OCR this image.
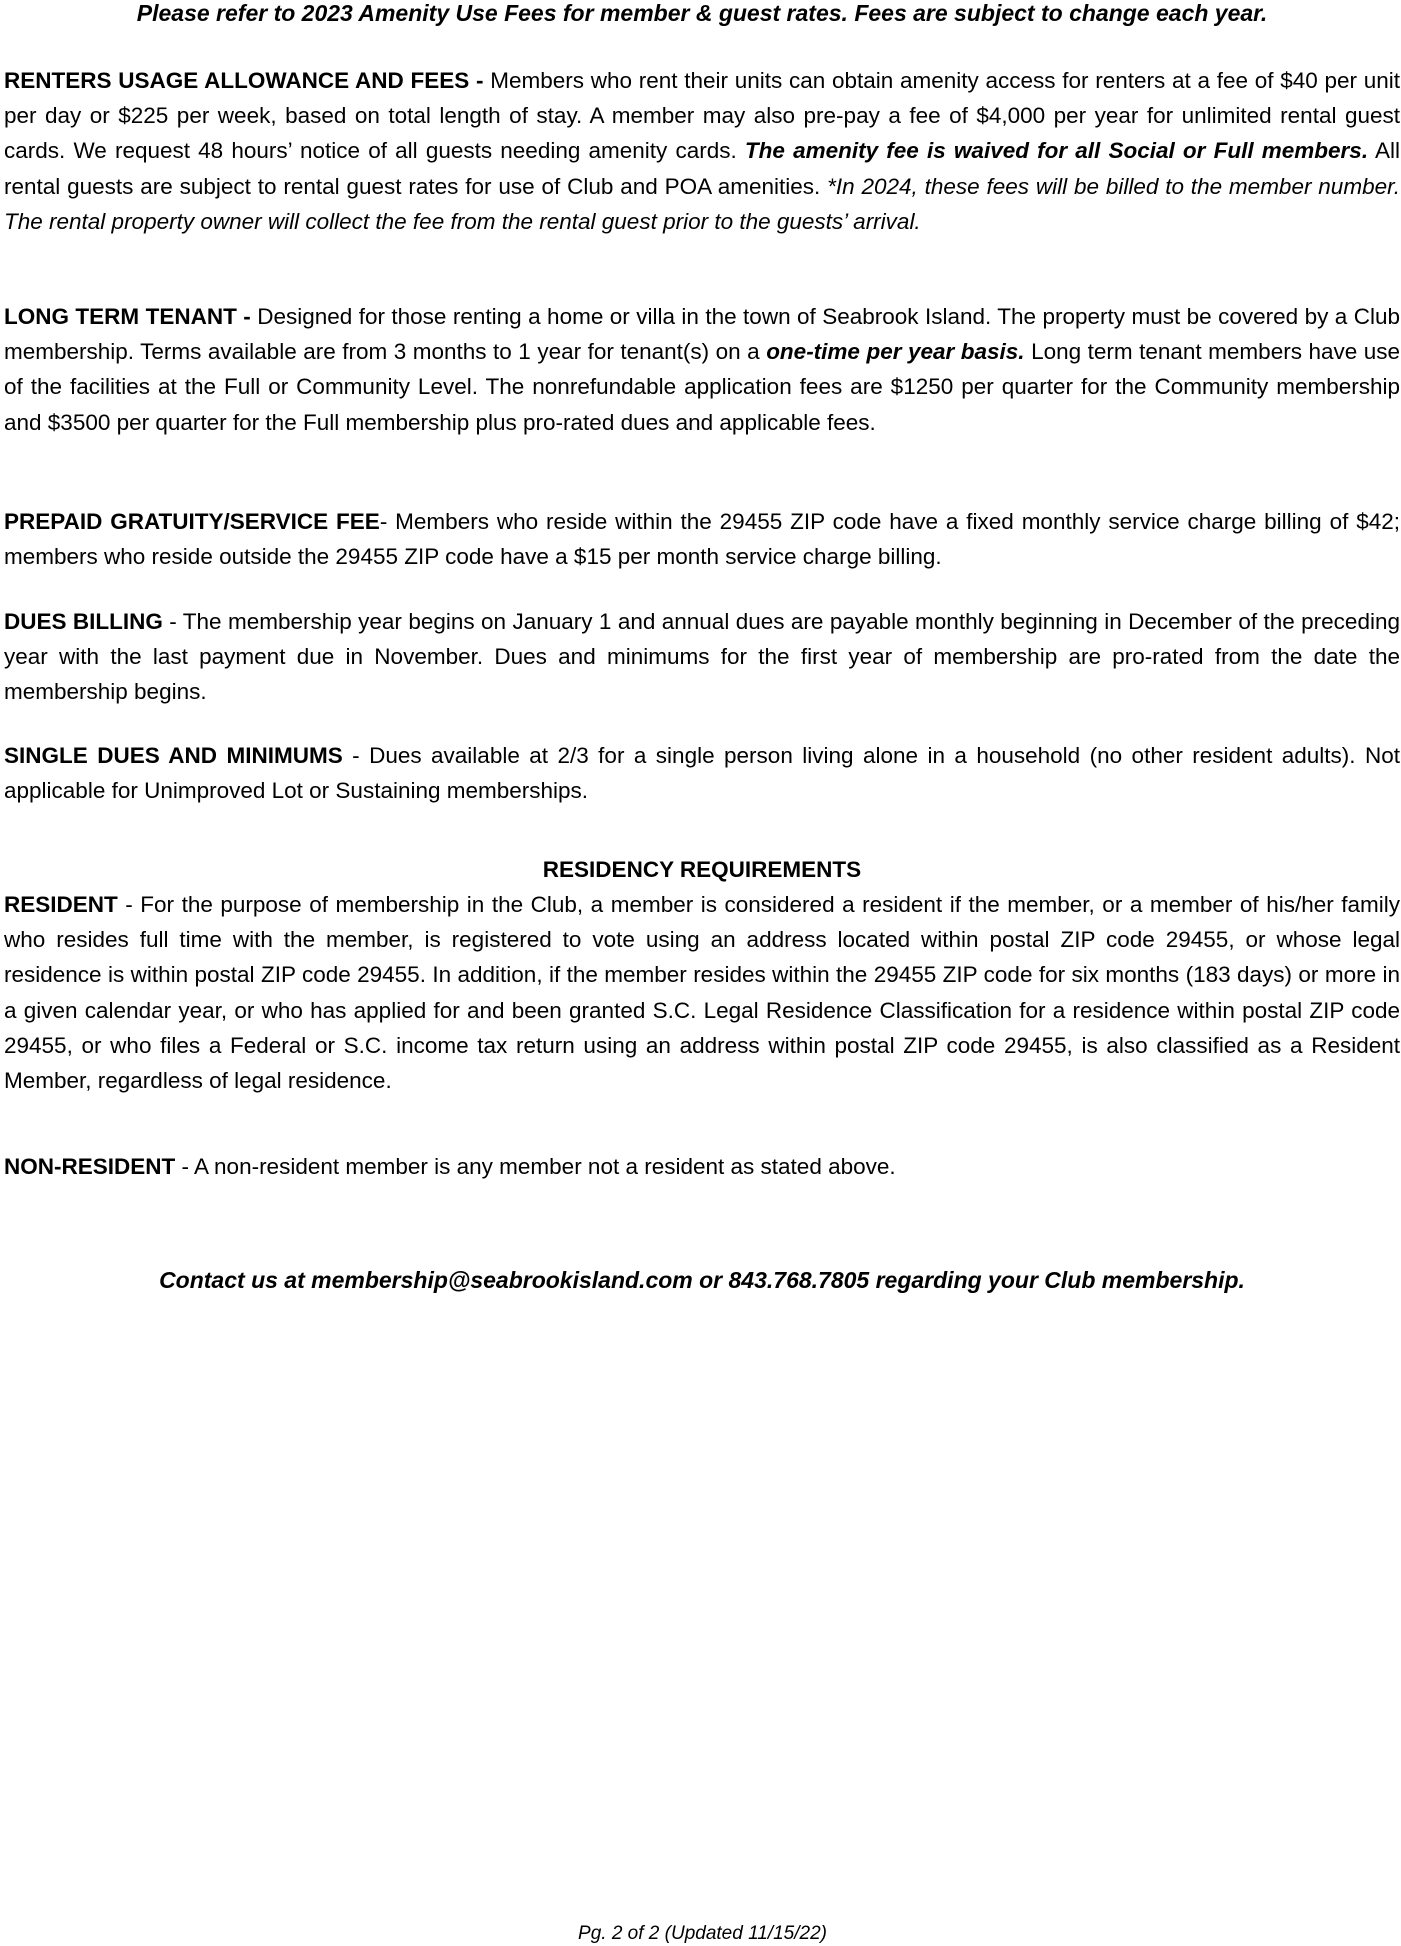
Please refer to 2023 Amenity Use Fees for member & guest rates. Fees are subject to change each year.

RENTERS USAGE ALLOWANCE AND FEES - Members who rent their units can obtain amenity access for renters at a fee of $40 per unit per day or $225 per week, based on total length of stay. A member may also pre-pay a fee of $4,000 per year for unlimited rental guest cards. We request 48 hours’ notice of all guests needing amenity cards. The amenity fee is waived for all Social or Full members. All rental guests are subject to rental guest rates for use of Club and POA amenities. *In 2024, these fees will be billed to the member number. The rental property owner will collect the fee from the rental guest prior to the guests’ arrival.

LONG TERM TENANT - Designed for those renting a home or villa in the town of Seabrook Island. The property must be covered by a Club membership. Terms available are from 3 months to 1 year for tenant(s) on a one-time per year basis. Long term tenant members have use of the facilities at the Full or Community Level. The nonrefundable application fees are $1250 per quarter for the Community membership and $3500 per quarter for the Full membership plus pro-rated dues and applicable fees.

PREPAID GRATUITY/SERVICE FEE- Members who reside within the 29455 ZIP code have a fixed monthly service charge billing of $42; members who reside outside the 29455 ZIP code have a $15 per month service charge billing.

DUES BILLING - The membership year begins on January 1 and annual dues are payable monthly beginning in December of the preceding year with the last payment due in November. Dues and minimums for the first year of membership are pro-rated from the date the membership begins.

SINGLE DUES AND MINIMUMS - Dues available at 2/3 for a single person living alone in a household (no other resident adults). Not applicable for Unimproved Lot or Sustaining memberships.

RESIDENCY REQUIREMENTS

RESIDENT - For the purpose of membership in the Club, a member is considered a resident if the member, or a member of his/her family who resides full time with the member, is registered to vote using an address located within postal ZIP code 29455, or whose legal residence is within postal ZIP code 29455. In addition, if the member resides within the 29455 ZIP code for six months (183 days) or more in a given calendar year, or who has applied for and been granted S.C. Legal Residence Classification for a residence within postal ZIP code 29455, or who files a Federal or S.C. income tax return using an address within postal ZIP code 29455, is also classified as a Resident Member, regardless of legal residence.

NON-RESIDENT - A non-resident member is any member not a resident as stated above.

Contact us at membership@seabrookisland.com or 843.768.7805 regarding your Club membership.

Pg. 2 of 2 (Updated 11/15/22)
